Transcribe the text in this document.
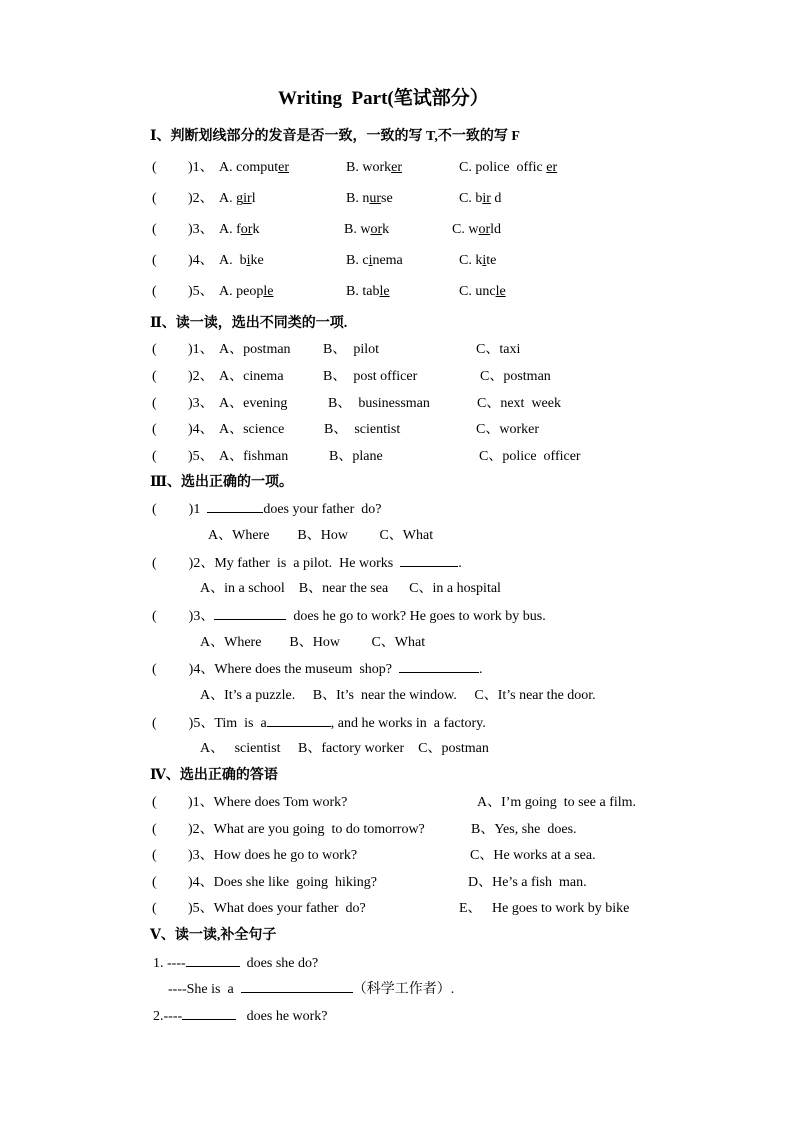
Writing  Part(笔试部分）
Ⅰ、判断划线部分的发音是否一致，一致的写 T,不一致的写 F
( )1、 A. computer	B. worker	C. police  offic er
( )2、 A. girl	B. nurse	C. bir d
( )3、 A. fork	B. work	C. world
( )4、 A.  bike	B. cinema	C. kite
( )5、 A. people	B. table	C. uncle
Ⅱ、读一读，选出不同类的一项.
( )1、 A、postman B、  pilot	C、taxi
( )2、 A、cinema	B、  post officer	C、postman
( )3、 A、evening	B、  businessman	C、next  week
( )4、 A、science	B、  scientist	C、worker
( )5、 A、fishman	B、plane	C、police  officer
Ⅲ、选出正确的一项。
( )1	does your father  do?
A、Where        B、How         C、What
( )2、My father  is  a pilot.  He works	.
A、in a school    B、near the sea      C、in a hospital
( )3、	does he go to work? He goes to work by bus.
A、Where        B、How         C、What
( )4、Where does the museum  shop?	.
A、It’s a puzzle.     B、It’s  near the window.     C、It’s near the door.
( )5、Tim  is  a	, and he works in  a factory.
A、   scientist     B、factory worker    C、postman
Ⅳ、选出正确的答语
( )1、Where does Tom work?	A、I’m going  to see a film.
( )2、What are you going  to do tomorrow?	B、Yes, she  does.
( )3、How does he go to work?	C、He works at a sea.
( )4、Does she like  going  hiking?	D、He’s a fish  man.
( )5、What does your father  do?	E、   He goes to work by bike
Ⅴ、读一读,补全句子
1. ----	does she do?
----She is  a	（科学工作者）.
2.----	does he work?
